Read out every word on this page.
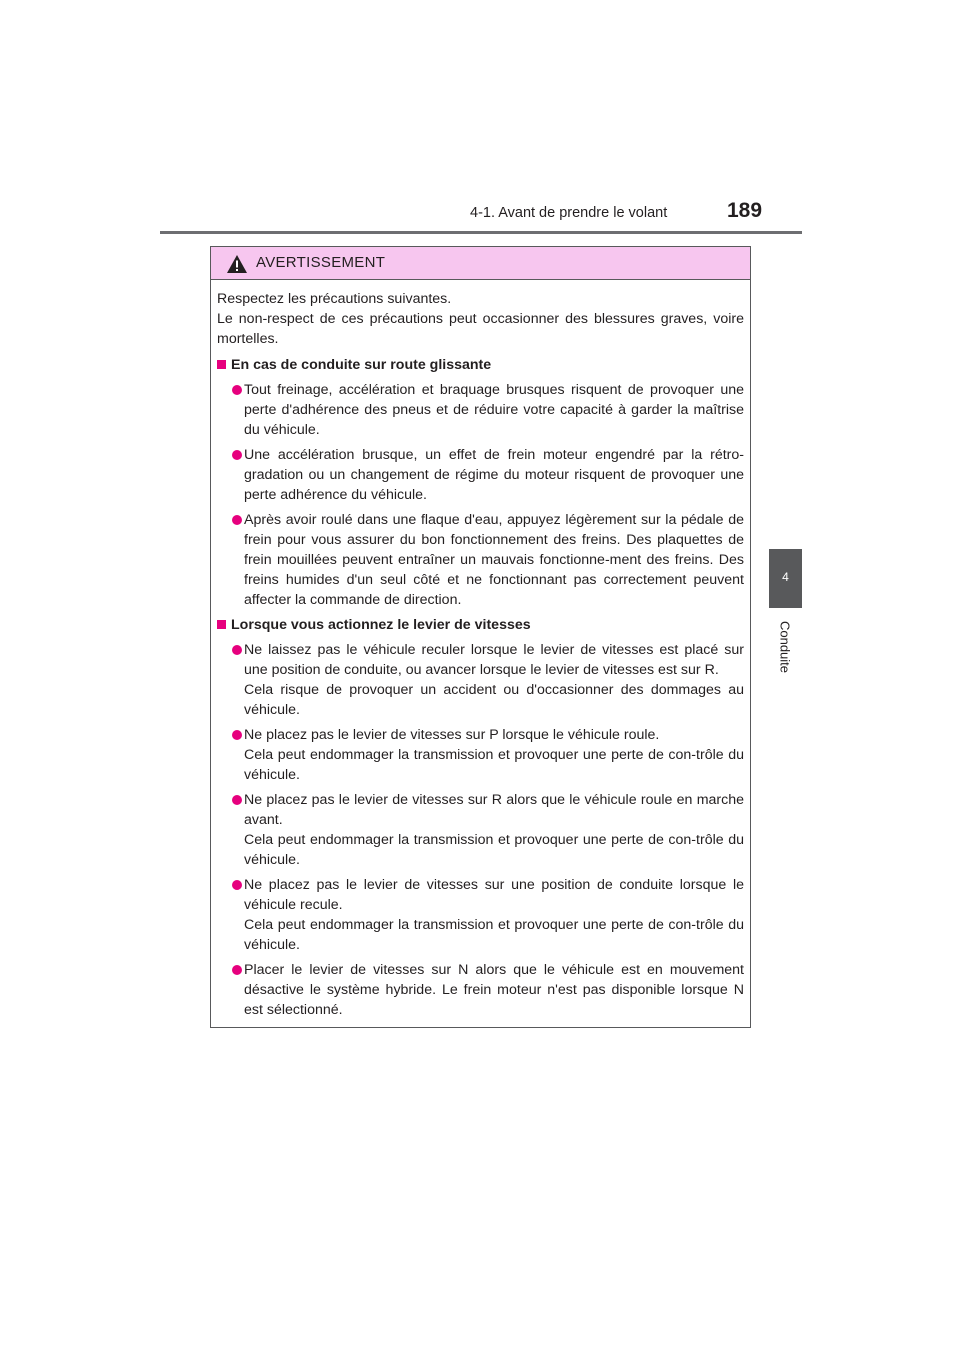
4-1. Avant de prendre le volant	189
4
Conduite
AVERTISSEMENT

Respectez les précautions suivantes.

Le non-respect de ces précautions peut occasionner des blessures graves, voire mortelles.

En cas de conduite sur route glissante

Tout freinage, accélération et braquage brusques risquent de provoquer une perte d'adhérence des pneus et de réduire votre capacité à garder la maîtrise du véhicule.

Une accélération brusque, un effet de frein moteur engendré par la rétro-gradation ou un changement de régime du moteur risquent de provoquer une perte adhérence du véhicule.

Après avoir roulé dans une flaque d'eau, appuyez légèrement sur la pédale de frein pour vous assurer du bon fonctionnement des freins. Des plaquettes de frein mouillées peuvent entraîner un mauvais fonctionne-ment des freins. Des freins humides d'un seul côté et ne fonctionnant pas correctement peuvent affecter la commande de direction.

Lorsque vous actionnez le levier de vitesses

Ne laissez pas le véhicule reculer lorsque le levier de vitesses est placé sur une position de conduite, ou avancer lorsque le levier de vitesses est sur R.

Cela risque de provoquer un accident ou d'occasionner des dommages au véhicule.

Ne placez pas le levier de vitesses sur P lorsque le véhicule roule.

Cela peut endommager la transmission et provoquer une perte de con-trôle du véhicule.

Ne placez pas le levier de vitesses sur R alors que le véhicule roule en marche avant.

Cela peut endommager la transmission et provoquer une perte de con-trôle du véhicule.

Ne placez pas le levier de vitesses sur une position de conduite lorsque le véhicule recule.

Cela peut endommager la transmission et provoquer une perte de con-trôle du véhicule.

Placer le levier de vitesses sur N alors que le véhicule est en mouvement désactive le système hybride. Le frein moteur n'est pas disponible lorsque N est sélectionné.
